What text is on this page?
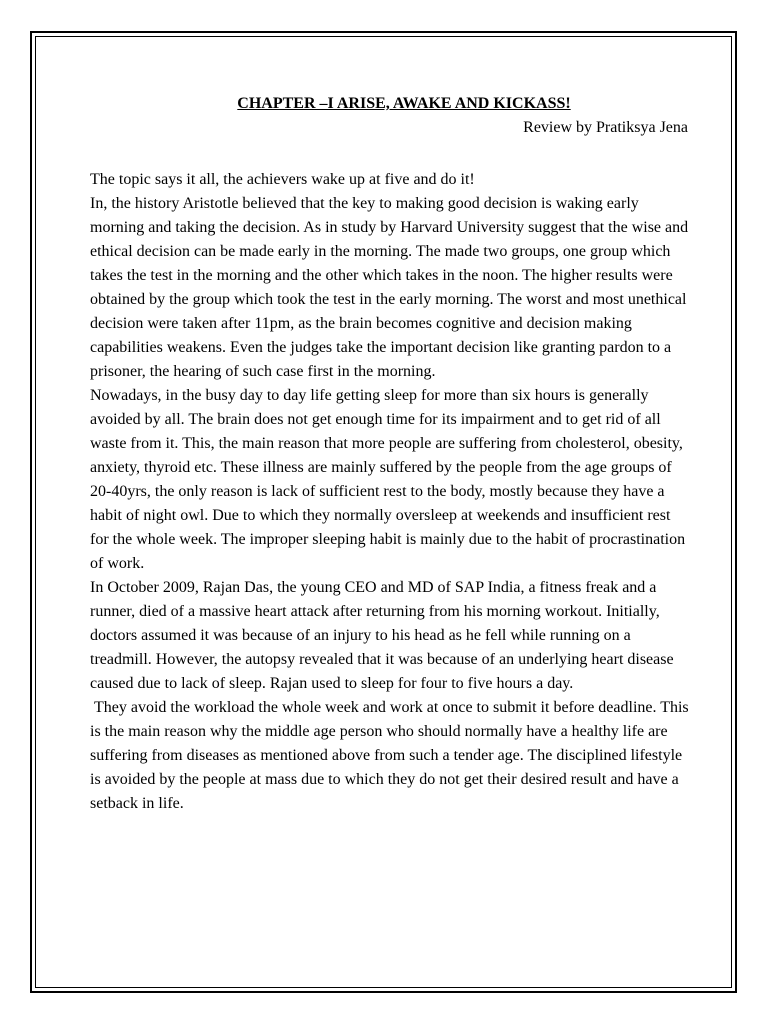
CHAPTER –I ARISE, AWAKE AND KICKASS!

Review by Pratiksya Jena

The topic says it all, the achievers wake up at five and do it!

In, the history Aristotle believed that the key to making good decision is waking early morning and taking the decision. As in study by Harvard University suggest that the wise and ethical decision can be made early in the morning. The made two groups, one group which takes the test in the morning and the other which takes in the noon. The higher results were obtained by the group which took the test in the early morning. The worst and most unethical decision were taken after 11pm, as the brain becomes cognitive and decision making capabilities weakens. Even the judges take the important decision like granting pardon to a prisoner, the hearing of such case first in the morning.

Nowadays, in the busy day to day life getting sleep for more than six hours is generally avoided by all. The brain does not get enough time for its impairment and to get rid of all waste from it. This, the main reason that more people are suffering from cholesterol, obesity, anxiety, thyroid etc. These illness are mainly suffered by the people from the age groups of 20-40yrs, the only reason is lack of sufficient rest to the body, mostly because they have a habit of night owl. Due to which they normally oversleep at weekends and insufficient rest for the whole week. The improper sleeping habit is mainly due to the habit of procrastination of work.

In October 2009, Rajan Das, the young CEO and MD of SAP India, a fitness freak and a runner, died of a massive heart attack after returning from his morning workout. Initially, doctors assumed it was because of an injury to his head as he fell while running on a treadmill. However, the autopsy revealed that it was because of an underlying heart disease caused due to lack of sleep. Rajan used to sleep for four to five hours a day.

They avoid the workload the whole week and work at once to submit it before deadline. This is the main reason why the middle age person who should normally have a healthy life are suffering from diseases as mentioned above from such a tender age. The disciplined lifestyle is avoided by the people at mass due to which they do not get their desired result and have a setback in life.
